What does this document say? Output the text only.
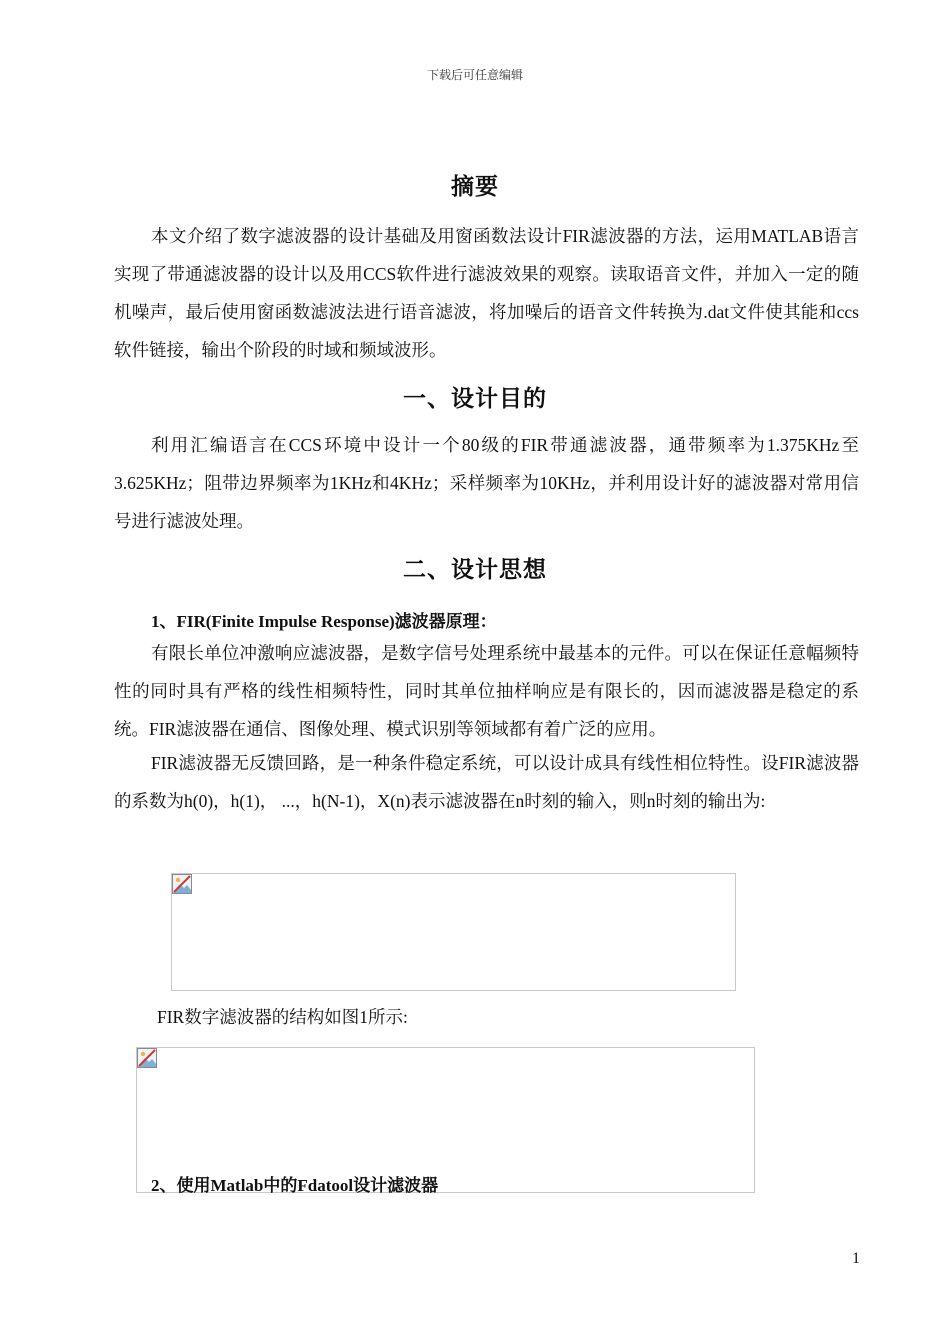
下载后可任意编辑
摘要
本文介绍了数字滤波器的设计基础及用窗函数法设计FIR滤波器的方法，运用MATLAB语言实现了带通滤波器的设计以及用CCS软件进行滤波效果的观察。读取语音文件，并加入一定的随机噪声，最后使用窗函数滤波法进行语音滤波，将加噪后的语音文件转换为.dat文件使其能和ccs软件链接，输出个阶段的时域和频域波形。
一、设计目的
利用汇编语言在CCS环境中设计一个80级的FIR带通滤波器，通带频率为1.375KHz至3.625KHz；阻带边界频率为1KHz和4KHz；采样频率为10KHz，并利用设计好的滤波器对常用信号进行滤波处理。
二、设计思想
1、FIR(Finite Impulse Response)滤波器原理：
有限长单位冲激响应滤波器，是数字信号处理系统中最基本的元件。可以在保证任意幅频特性的同时具有严格的线性相频特性，同时其单位抽样响应是有限长的，因而滤波器是稳定的系统。FIR滤波器在通信、图像处理、模式识别等领域都有着广泛的应用。
FIR滤波器无反馈回路，是一种条件稳定系统，可以设计成具有线性相位特性。设FIR滤波器的系数为h(0)，h(1)， ...，h(N-1)，X(n)表示滤波器在n时刻的输入，则n时刻的输出为:
FIR数字滤波器的结构如图1所示:
2、使用Matlab中的Fdatool设计滤波器
1
